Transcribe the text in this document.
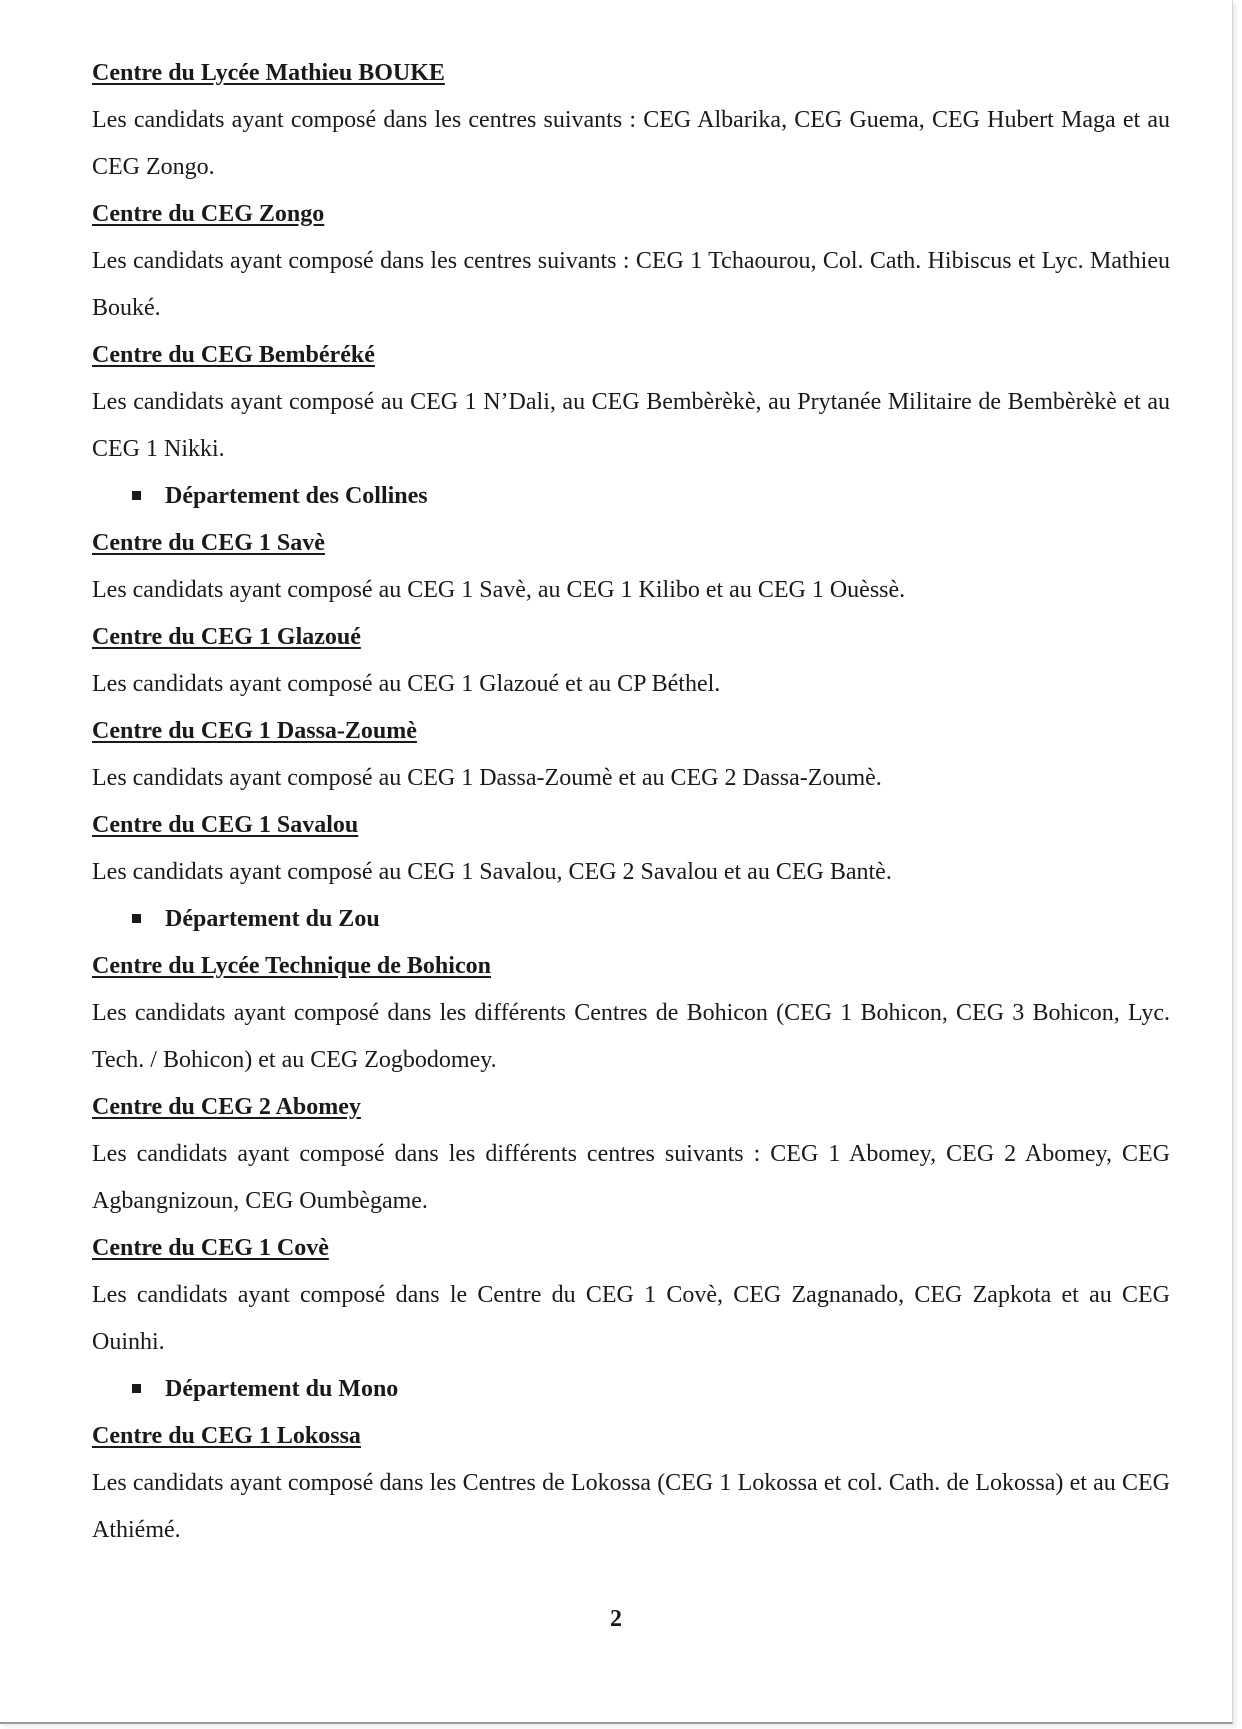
Centre du Lycée Mathieu BOUKE
Les candidats ayant composé dans les centres suivants : CEG Albarika, CEG Guema, CEG Hubert Maga et au CEG Zongo.
Centre du CEG Zongo
Les candidats ayant composé dans les centres suivants : CEG 1 Tchaourou, Col. Cath. Hibiscus et Lyc. Mathieu Bouké.
Centre du CEG Bembéréké
Les candidats ayant composé au CEG 1 N’Dali, au CEG Bembèrèkè, au Prytanée Militaire de Bembèrèkè et au CEG 1 Nikki.
Département des Collines
Centre du CEG 1 Savè
Les candidats ayant composé au CEG 1 Savè, au CEG 1 Kilibo et au CEG 1 Ouèssè.
Centre du CEG 1 Glazoué
Les candidats ayant composé au CEG 1 Glazoué et au CP Béthel.
Centre du CEG 1 Dassa-Zoumè
Les candidats ayant composé au CEG 1 Dassa-Zoumè et au CEG 2 Dassa-Zoumè.
Centre du CEG 1 Savalou
Les candidats ayant composé au CEG 1 Savalou, CEG 2 Savalou et au CEG Bantè.
Département du Zou
Centre du Lycée Technique de Bohicon
Les candidats ayant composé dans les différents Centres de Bohicon (CEG 1 Bohicon, CEG 3 Bohicon, Lyc. Tech. / Bohicon) et au CEG Zogbodomey.
Centre du CEG 2 Abomey
Les candidats ayant composé dans les différents centres suivants : CEG 1 Abomey, CEG 2 Abomey, CEG Agbangnizoun, CEG Oumbègame.
Centre du CEG 1 Covè
Les candidats ayant composé dans le Centre du CEG 1 Covè, CEG Zagnanado, CEG Zapkota et au CEG Ouinhi.
Département du Mono
Centre du CEG 1 Lokossa
Les candidats ayant composé dans les Centres de Lokossa (CEG 1 Lokossa et col. Cath. de Lokossa) et au CEG Athiémé.
2
